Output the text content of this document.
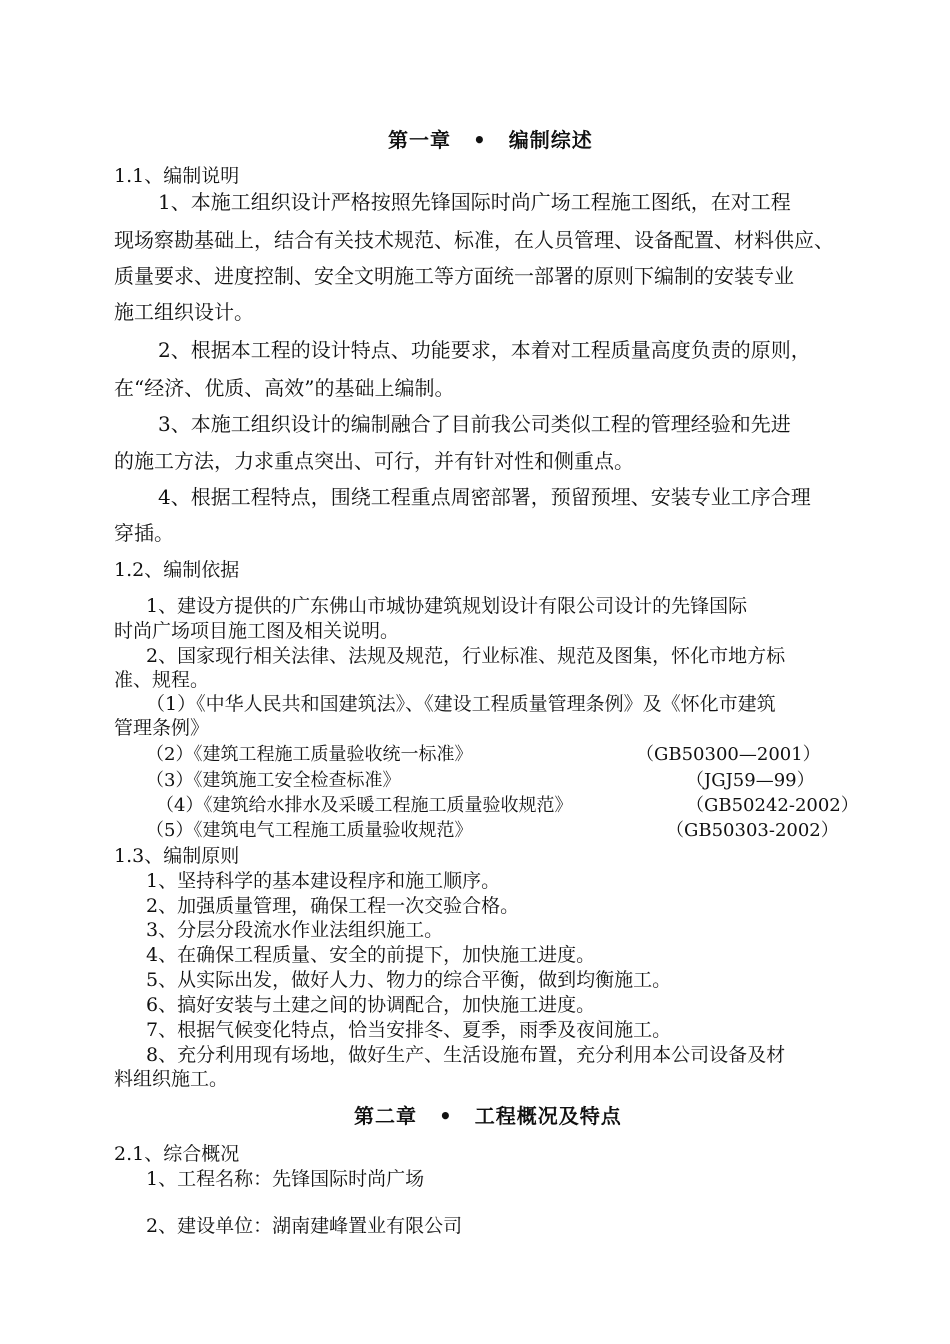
第一章 • 编制综述
1.1、编制说明
1、本施工组织设计严格按照先锋国际时尚广场工程施工图纸，在对工程
现场察勘基础上，结合有关技术规范、标准，在人员管理、设备配置、材料供应、
质量要求、进度控制、安全文明施工等方面统一部署的原则下编制的安装专业
施工组织设计。
2、根据本工程的设计特点、功能要求，本着对工程质量高度负责的原则，
在“经济、优质、高效”的基础上编制。
3、本施工组织设计的编制融合了目前我公司类似工程的管理经验和先进
的施工方法，力求重点突出、可行，并有针对性和侧重点。
4、根据工程特点，围绕工程重点周密部署，预留预埋、安装专业工序合理
穿插。
1.2、编制依据
1、建设方提供的广东佛山市城协建筑规划设计有限公司设计的先锋国际
时尚广场项目施工图及相关说明。
2、国家现行相关法律、法规及规范，行业标准、规范及图集，怀化市地方标
准、规程。
（1）《中华人民共和国建筑法》、《建设工程质量管理条例》及《怀化市建筑
管理条例》
（2）《建筑工程施工质量验收统一标准》	（GB50300—2001）
（3）《建筑施工安全检查标准》	（JGJ59—99）
（4）《建筑给水排水及采暖工程施工质量验收规范》	（GB50242-2002）
（5）《建筑电气工程施工质量验收规范》	（GB50303-2002）
1.3、编制原则
1、坚持科学的基本建设程序和施工顺序。
2、加强质量管理，确保工程一次交验合格。
3、分层分段流水作业法组织施工。
4、在确保工程质量、安全的前提下，加快施工进度。
5、从实际出发，做好人力、物力的综合平衡，做到均衡施工。
6、搞好安装与土建之间的协调配合，加快施工进度。
7、根据气候变化特点，恰当安排冬、夏季，雨季及夜间施工。
8、充分利用现有场地，做好生产、生活设施布置，充分利用本公司设备及材
料组织施工。
第二章 • 工程概况及特点
2.1、综合概况
1、工程名称：先锋国际时尚广场
2、建设单位：湖南建峰置业有限公司
